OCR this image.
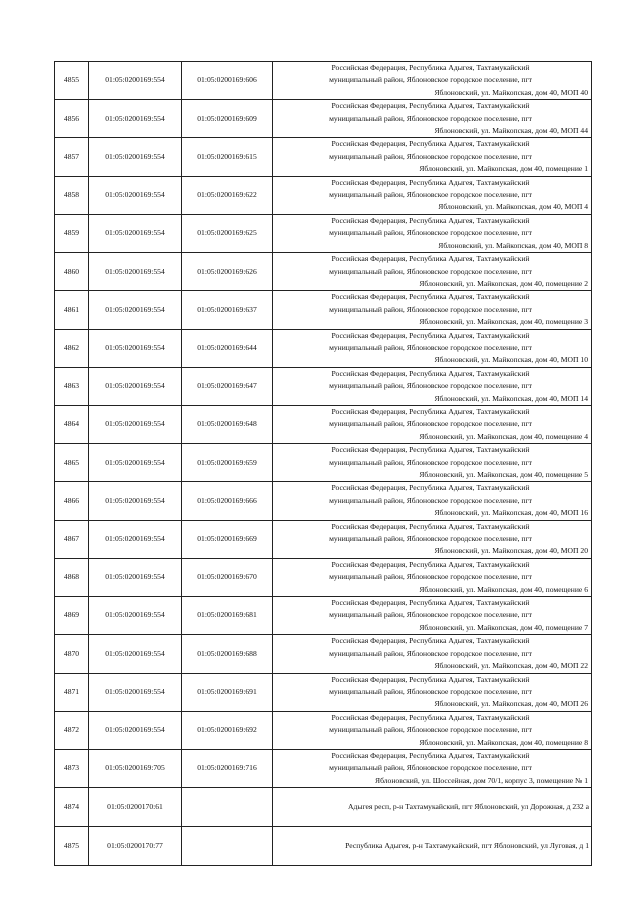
4855	01:05:0200169:554	01:05:0200169:606	Российская Федерация, Республика Адыгея, Тахтамукайский
муниципальный район, Яблоновское городское поселение, пгт
Яблоновский, ул. Майкопская, дом 40, МОП 40

4856	01:05:0200169:554	01:05:0200169:609	Российская Федерация, Республика Адыгея, Тахтамукайский
муниципальный район, Яблоновское городское поселение, пгт
Яблоновский, ул. Майкопская, дом 40, МОП 44

4857	01:05:0200169:554	01:05:0200169:615	Российская Федерация, Республика Адыгея, Тахтамукайский
муниципальный район, Яблоновское городское поселение, пгт
Яблоновский, ул. Майкопская, дом 40, помещение 1

4858	01:05:0200169:554	01:05:0200169:622	Российская Федерация, Республика Адыгея, Тахтамукайский
муниципальный район, Яблоновское городское поселение, пгт
Яблоновский, ул. Майкопская, дом 40, МОП 4

4859	01:05:0200169:554	01:05:0200169:625	Российская Федерация, Республика Адыгея, Тахтамукайский
муниципальный район, Яблоновское городское поселение, пгт
Яблоновский, ул. Майкопская, дом 40, МОП 8

4860	01:05:0200169:554	01:05:0200169:626	Российская Федерация, Республика Адыгея, Тахтамукайский
муниципальный район, Яблоновское городское поселение, пгт
Яблоновский, ул. Майкопская, дом 40, помещение 2

4861	01:05:0200169:554	01:05:0200169:637	Российская Федерация, Республика Адыгея, Тахтамукайский
муниципальный район, Яблоновское городское поселение, пгт
Яблоновский, ул. Майкопская, дом 40, помещение 3

4862	01:05:0200169:554	01:05:0200169:644	Российская Федерация, Республика Адыгея, Тахтамукайский
муниципальный район, Яблоновское городское поселение, пгт
Яблоновский, ул. Майкопская, дом 40, МОП 10

4863	01:05:0200169:554	01:05:0200169:647	Российская Федерация, Республика Адыгея, Тахтамукайский
муниципальный район, Яблоновское городское поселение, пгт
Яблоновский, ул. Майкопская, дом 40, МОП 14

4864	01:05:0200169:554	01:05:0200169:648	Российская Федерация, Республика Адыгея, Тахтамукайский
муниципальный район, Яблоновское городское поселение, пгт
Яблоновский, ул. Майкопская, дом 40, помещение 4

4865	01:05:0200169:554	01:05:0200169:659	Российская Федерация, Республика Адыгея, Тахтамукайский
муниципальный район, Яблоновское городское поселение, пгт
Яблоновский, ул. Майкопская, дом 40, помещение 5

4866	01:05:0200169:554	01:05:0200169:666	Российская Федерация, Республика Адыгея, Тахтамукайский
муниципальный район, Яблоновское городское поселение, пгт
Яблоновский, ул. Майкопская, дом 40, МОП 16

4867	01:05:0200169:554	01:05:0200169:669	Российская Федерация, Республика Адыгея, Тахтамукайский
муниципальный район, Яблоновское городское поселение, пгт
Яблоновский, ул. Майкопская, дом 40, МОП 20

4868	01:05:0200169:554	01:05:0200169:670	Российская Федерация, Республика Адыгея, Тахтамукайский
муниципальный район, Яблоновское городское поселение, пгт
Яблоновский, ул. Майкопская, дом 40, помещение 6

4869	01:05:0200169:554	01:05:0200169:681	Российская Федерация, Республика Адыгея, Тахтамукайский
муниципальный район, Яблоновское городское поселение, пгт
Яблоновский, ул. Майкопская, дом 40, помещение 7

4870	01:05:0200169:554	01:05:0200169:688	Российская Федерация, Республика Адыгея, Тахтамукайский
муниципальный район, Яблоновское городское поселение, пгт
Яблоновский, ул. Майкопская, дом 40, МОП 22

4871	01:05:0200169:554	01:05:0200169:691	Российская Федерация, Республика Адыгея, Тахтамукайский
муниципальный район, Яблоновское городское поселение, пгт
Яблоновский, ул. Майкопская, дом 40, МОП 26

4872	01:05:0200169:554	01:05:0200169:692	Российская Федерация, Республика Адыгея, Тахтамукайский
муниципальный район, Яблоновское городское поселение, пгт
Яблоновский, ул. Майкопская, дом 40, помещение 8

4873	01:05:0200169:705	01:05:0200169:716	Российская Федерация, Республика Адыгея, Тахтамукайский
муниципальный район, Яблоновское городское поселение, пгт
Яблоновский, ул. Шоссейная, дом 70/1, корпус 3, помещение № 1

4874	01:05:0200170:61		Адыгея респ, р-н Тахтамукайский, пгт Яблоновский, ул Дорожная, д 232 а
4875	01:05:0200170:77		Республика Адыгея, р-н Тахтамукайский, пгт Яблоновский, ул Луговая, д 1
